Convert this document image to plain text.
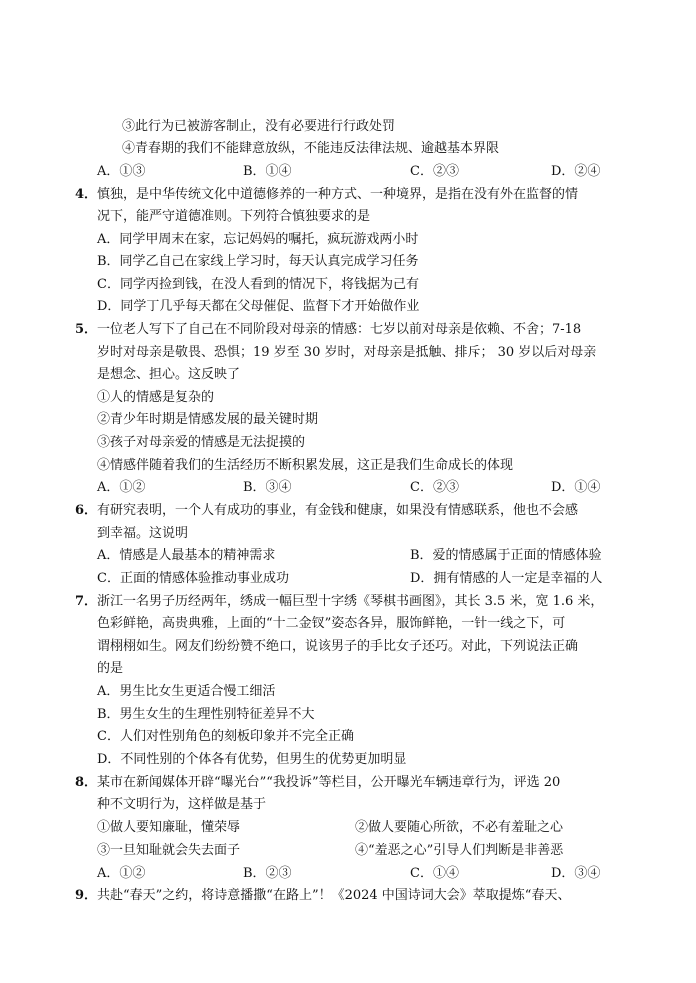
③此行为已被游客制止，没有必要进行行政处罚
④青春期的我们不能肆意放纵，不能违反法律法规、逾越基本界限
A．①③	B．①④	C．②③	D．②④
4． 慎独，是中华传统文化中道德修养的一种方式、一种境界，是指在没有外在监督的情
况下，能严守道德准则。下列符合慎独要求的是
A．同学甲周末在家，忘记妈妈的嘱托，疯玩游戏两小时
B．同学乙自己在家线上学习时，每天认真完成学习任务
C．同学丙捡到钱，在没人看到的情况下，将钱据为己有
D．同学丁几乎每天都在父母催促、监督下才开始做作业
5． 一位老人写下了自己在不同阶段对母亲的情感：七岁以前对母亲是依赖、不舍；7-18
岁时对母亲是敬畏、恐惧；19 岁至 30 岁时，对母亲是抵触、排斥； 30 岁以后对母亲
是想念、担心。这反映了
①人的情感是复杂的
②青少年时期是情感发展的最关键时期
③孩子对母亲爱的情感是无法捉摸的
④情感伴随着我们的生活经历不断积累发展，这正是我们生命成长的体现
A．①②	B．③④	C．②③	D．①④
6． 有研究表明，一个人有成功的事业，有金钱和健康，如果没有情感联系，他也不会感
到幸福。这说明
A．情感是人最基本的精神需求	B．爱的情感属于正面的情感体验
C．正面的情感体验推动事业成功	D．拥有情感的人一定是幸福的人
7． 浙江一名男子历经两年，绣成一幅巨型十字绣《琴棋书画图》，其长 3.5 米，宽 1.6 米，
色彩鲜艳，高贵典雅，上面的“十二金钗”姿态各异，服饰鲜艳，一针一线之下，可
谓栩栩如生。网友们纷纷赞不绝口，说该男子的手比女子还巧。对此，下列说法正确
的是
A．男生比女生更适合慢工细活
B．男生女生的生理性别特征差异不大
C．人们对性别角色的刻板印象并不完全正确
D．不同性别的个体各有优势，但男生的优势更加明显
8． 某市在新闻媒体开辟“曝光台”“我投诉”等栏目，公开曝光车辆违章行为，评选 20
种不文明行为，这样做是基于
①做人要知廉耻，懂荣辱	②做人要随心所欲，不必有羞耻之心
③一旦知耻就会失去面子	④“羞恶之心”引导人们判断是非善恶
A．①②	B．②③	C．①④	D．③④
9． 共赴“春天”之约，将诗意播撒“在路上”！《2024 中国诗词大会》萃取提炼“春天、
